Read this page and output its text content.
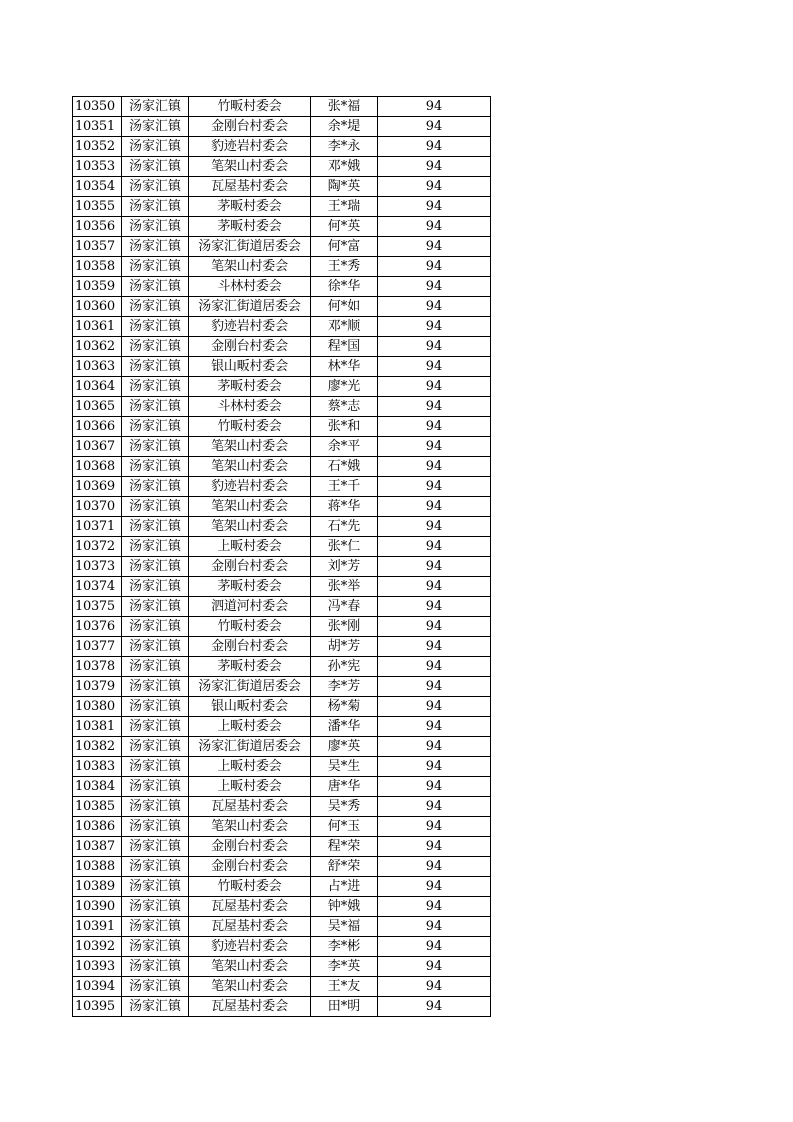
10350	汤家汇镇	竹畈村委会	张*福	94
10351	汤家汇镇	金刚台村委会	余*堤	94
10352	汤家汇镇	豹迹岩村委会	李*永	94
10353	汤家汇镇	笔架山村委会	邓*娥	94
10354	汤家汇镇	瓦屋基村委会	陶*英	94
10355	汤家汇镇	茅畈村委会	王*瑞	94
10356	汤家汇镇	茅畈村委会	何*英	94
10357	汤家汇镇	汤家汇街道居委会	何*富	94
10358	汤家汇镇	笔架山村委会	王*秀	94
10359	汤家汇镇	斗林村委会	徐*华	94
10360	汤家汇镇	汤家汇街道居委会	何*如	94
10361	汤家汇镇	豹迹岩村委会	邓*顺	94
10362	汤家汇镇	金刚台村委会	程*国	94
10363	汤家汇镇	银山畈村委会	林*华	94
10364	汤家汇镇	茅畈村委会	廖*光	94
10365	汤家汇镇	斗林村委会	蔡*志	94
10366	汤家汇镇	竹畈村委会	张*和	94
10367	汤家汇镇	笔架山村委会	余*平	94
10368	汤家汇镇	笔架山村委会	石*娥	94
10369	汤家汇镇	豹迹岩村委会	王*千	94
10370	汤家汇镇	笔架山村委会	蒋*华	94
10371	汤家汇镇	笔架山村委会	石*先	94
10372	汤家汇镇	上畈村委会	张*仁	94
10373	汤家汇镇	金刚台村委会	刘*芳	94
10374	汤家汇镇	茅畈村委会	张*举	94
10375	汤家汇镇	泗道河村委会	冯*春	94
10376	汤家汇镇	竹畈村委会	张*刚	94
10377	汤家汇镇	金刚台村委会	胡*芳	94
10378	汤家汇镇	茅畈村委会	孙*宪	94
10379	汤家汇镇	汤家汇街道居委会	李*芳	94
10380	汤家汇镇	银山畈村委会	杨*菊	94
10381	汤家汇镇	上畈村委会	潘*华	94
10382	汤家汇镇	汤家汇街道居委会	廖*英	94
10383	汤家汇镇	上畈村委会	吴*生	94
10384	汤家汇镇	上畈村委会	唐*华	94
10385	汤家汇镇	瓦屋基村委会	吴*秀	94
10386	汤家汇镇	笔架山村委会	何*玉	94
10387	汤家汇镇	金刚台村委会	程*荣	94
10388	汤家汇镇	金刚台村委会	舒*荣	94
10389	汤家汇镇	竹畈村委会	占*进	94
10390	汤家汇镇	瓦屋基村委会	钟*娥	94
10391	汤家汇镇	瓦屋基村委会	吴*福	94
10392	汤家汇镇	豹迹岩村委会	李*彬	94
10393	汤家汇镇	笔架山村委会	李*英	94
10394	汤家汇镇	笔架山村委会	王*友	94
10395	汤家汇镇	瓦屋基村委会	田*明	94
